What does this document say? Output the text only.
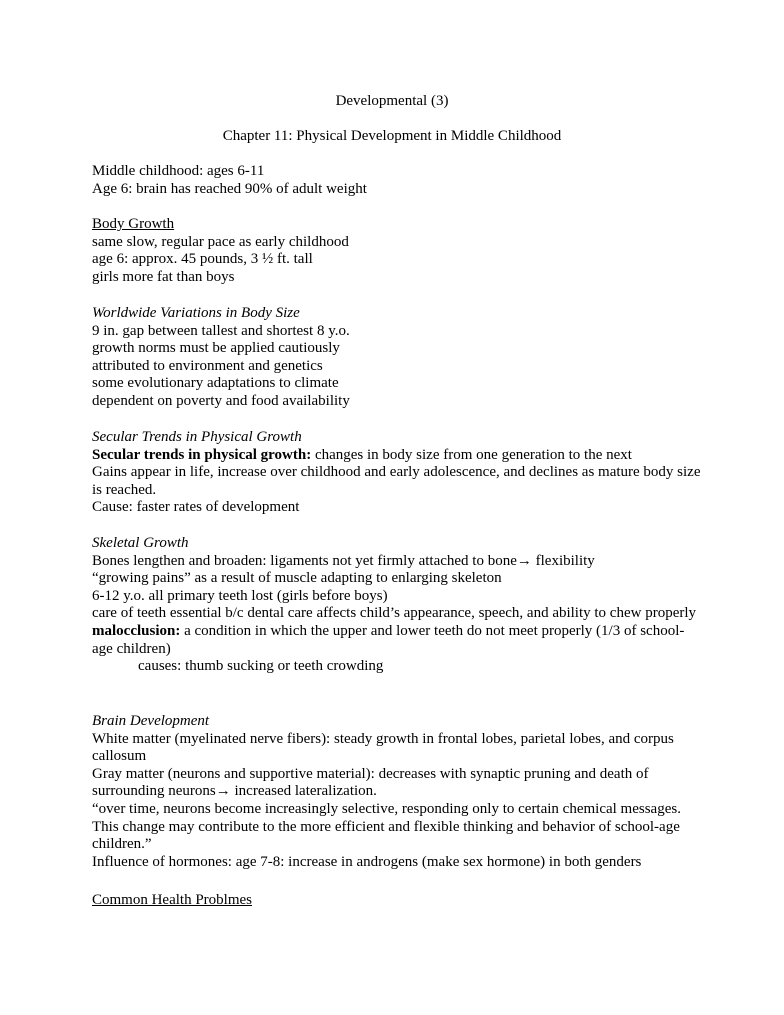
Developmental (3)
Chapter 11: Physical Development in Middle Childhood
Middle childhood: ages 6-11
Age 6: brain has reached 90% of adult weight
Body Growth
same slow, regular pace as early childhood
age 6: approx. 45 pounds, 3 ½ ft. tall
girls more fat than boys
Worldwide Variations in Body Size
9 in. gap between tallest and shortest 8 y.o.
growth norms must be applied cautiously
attributed to environment and genetics
some evolutionary adaptations to climate
dependent on poverty and food availability
Secular Trends in Physical Growth
Secular trends in physical growth: changes in body size from one generation to the next
Gains appear in life, increase over childhood and early adolescence, and declines as mature body size is reached.
Cause: faster rates of development
Skeletal Growth
Bones lengthen and broaden: ligaments not yet firmly attached to bone→ flexibility
“growing pains” as a result of muscle adapting to enlarging skeleton
6-12 y.o. all primary teeth lost (girls before boys)
care of teeth essential b/c dental care affects child’s appearance, speech, and ability to chew properly
malocclusion: a condition in which the upper and lower teeth do not meet properly (1/3 of school-age children)
causes: thumb sucking or teeth crowding
Brain Development
White matter (myelinated nerve fibers): steady growth in frontal lobes, parietal lobes, and corpus callosum
Gray matter (neurons and supportive material): decreases with synaptic pruning and death of surrounding neurons→ increased lateralization.
“over time, neurons become increasingly selective, responding only to certain chemical messages. This change may contribute to the more efficient and flexible thinking and behavior of school-age children.”
Influence of hormones: age 7-8: increase in androgens (make sex hormone) in both genders
Common Health Problmes
